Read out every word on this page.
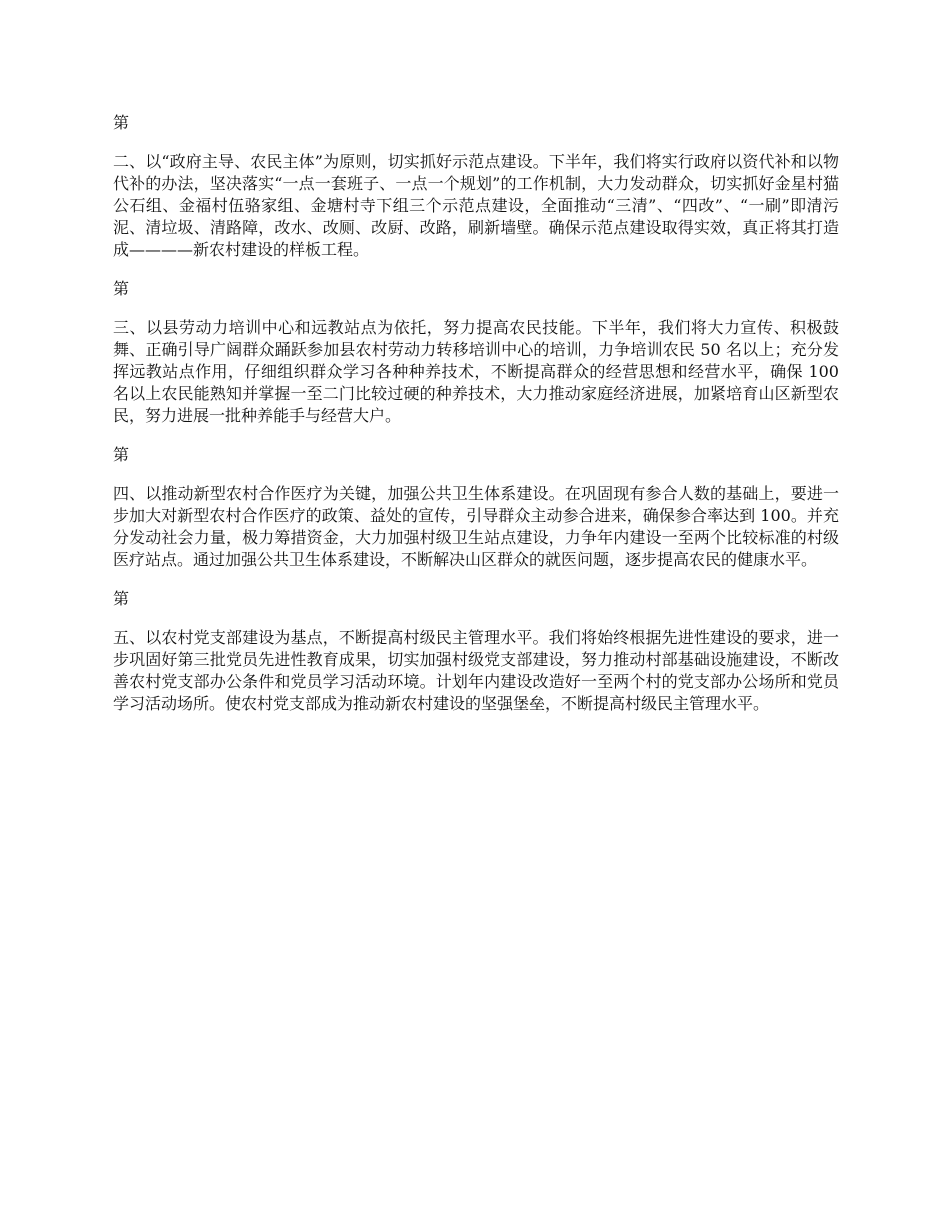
第

二、以“政府主导、农民主体”为原则，切实抓好示范点建设。下半年，我们将实行政府以资代补和以物代补的办法，坚决落实“一点一套班子、一点一个规划”的工作机制，大力发动群众，切实抓好金星村猫公石组、金福村伍骆家组、金塘村寺下组三个示范点建设，全面推动“三清”、“四改”、“一刷”即清污泥、清垃圾、清路障，改水、改厕、改厨、改路，刷新墙壁。确保示范点建设取得实效，真正将其打造成————新农村建设的样板工程。

第

三、以县劳动力培训中心和远教站点为依托，努力提高农民技能。下半年，我们将大力宣传、积极鼓舞、正确引导广阔群众踊跃参加县农村劳动力转移培训中心的培训，力争培训农民 50 名以上；充分发挥远教站点作用，仔细组织群众学习各种种养技术，不断提高群众的经营思想和经营水平，确保 100 名以上农民能熟知并掌握一至二门比较过硬的种养技术，大力推动家庭经济进展，加紧培育山区新型农民，努力进展一批种养能手与经营大户。

第

四、以推动新型农村合作医疗为关键，加强公共卫生体系建设。在巩固现有参合人数的基础上，要进一步加大对新型农村合作医疗的政策、益处的宣传，引导群众主动参合进来，确保参合率达到 100。并充分发动社会力量，极力筹措资金，大力加强村级卫生站点建设，力争年内建设一至两个比较标准的村级医疗站点。通过加强公共卫生体系建设，不断解决山区群众的就医问题，逐步提高农民的健康水平。

第

五、以农村党支部建设为基点，不断提高村级民主管理水平。我们将始终根据先进性建设的要求，进一步巩固好第三批党员先进性教育成果，切实加强村级党支部建设，努力推动村部基础设施建设，不断改善农村党支部办公条件和党员学习活动环境。计划年内建设改造好一至两个村的党支部办公场所和党员学习活动场所。使农村党支部成为推动新农村建设的坚强堡垒，不断提高村级民主管理水平。
